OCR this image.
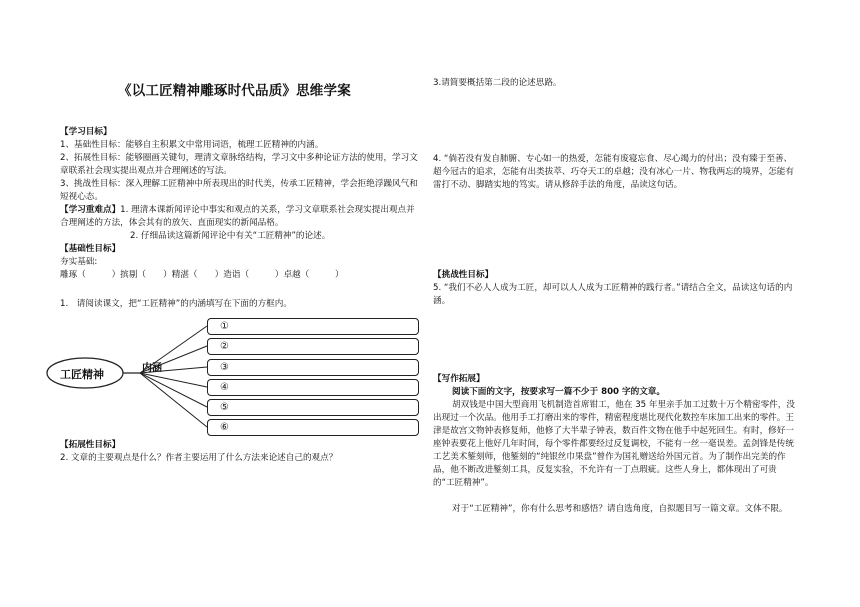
《以工匠精神雕琢时代品质》思维学案
【学习目标】
1、基础性目标：能够自主积累文中常用词语，梳理工匠精神的内涵。
2、拓展性目标：能够圈画关键句，理清文章脉络结构，学习文中多种论证方法的使用，学习文章联系社会现实提出观点并合理阐述的写法。
3、挑战性目标：深入理解工匠精神中所表现出的时代美，传承工匠精神，学会拒绝浮躁风气和短视心态。
【学习重难点】1. 理清本课新闻评论中事实和观点的关系，学习文章联系社会现实提出观点并合理阐述的方法，体会其有的放矢、直面现实的新闻品格。
2. 仔细品读这篇新闻评论中有关“工匠精神”的论述。
【基础性目标】
夯实基础:
雕琢（　　　）摈剔（　　）精湛（　　）造诣（　　　）卓越（　　　）
1.　请阅读课文，把“工匠精神”的内涵填写在下面的方框内。
工匠精神	内涵
①
②
③
④
⑤
⑥
【拓展性目标】
2. 文章的主要观点是什么？作者主要运用了什么方法来论述自己的观点？
3.请简要概括第二段的论述思路。
4. “倘若没有发自肺腑、专心如一的热爱，怎能有废寝忘食、尽心竭力的付出；没有臻于至善、超今冠古的追求，怎能有出类拔萃、巧夺天工的卓越；没有冰心一片、物我两忘的境界，怎能有雷打不动、脚踏实地的笃实。请从修辞手法的角度，品读这句话。
【挑战性目标】
5. “我们不必人人成为工匠，却可以人人成为工匠精神的践行者。”请结合全文，品读这句话的内涵。
【写作拓展】
阅读下面的文字，按要求写一篇不少于 800 字的文章。
胡双钱是中国大型商用飞机制造首席钳工，他在 35 年里亲手加工过数十万个精密零件，没出现过一个次品。他用手工打磨出来的零件，精密程度堪比现代化数控车床加工出来的零件。王津是故宫文物钟表修复师，他修了大半辈子钟表，数百件文物在他手中起死回生。有时，修好一座钟表要花上他好几年时间，每个零件都要经过反复调校，不能有一丝一毫误差。孟剑锋是传统工艺美术錾刻师，他錾刻的“纯银丝巾果盘”曾作为国礼赠送给外国元首。为了制作出完美的作品，他不断改进錾刻工具，反复实验，不允许有一丁点瑕疵。这些人身上，都体现出了可贵的“工匠精神”。
对于“工匠精神”，你有什么思考和感悟？请自选角度，自拟题目写一篇文章。文体不限。
